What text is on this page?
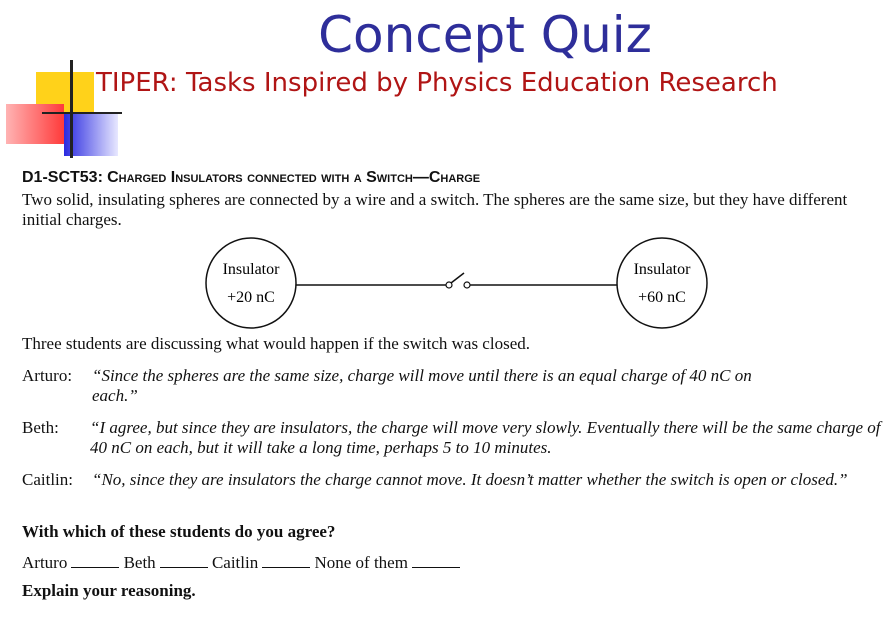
Concept Quiz
TIPER: Tasks Inspired by Physics Education Research
D1-SCT53: Charged Insulators connected with a Switch—Charge
Two solid, insulating spheres are connected by a wire and a switch. The spheres are the same size, but they have different initial charges.
Insulator
+20 nC
Insulator
+60 nC
Three students are discussing what would happen if the switch was closed.
Arturo: “Since the spheres are the same size, charge will move until there is an equal charge of 40 nC on each.”
Beth: “I agree, but since they are insulators, the charge will move very slowly. Eventually there will be the same charge of 40 nC on each, but it will take a long time, perhaps 5 to 10 minutes.
Caitlin: “No, since they are insulators the charge cannot move. It doesn’t matter whether the switch is open or closed.”
With which of these students do you agree?
Arturo	Beth	Caitlin	None of them
Explain your reasoning.
